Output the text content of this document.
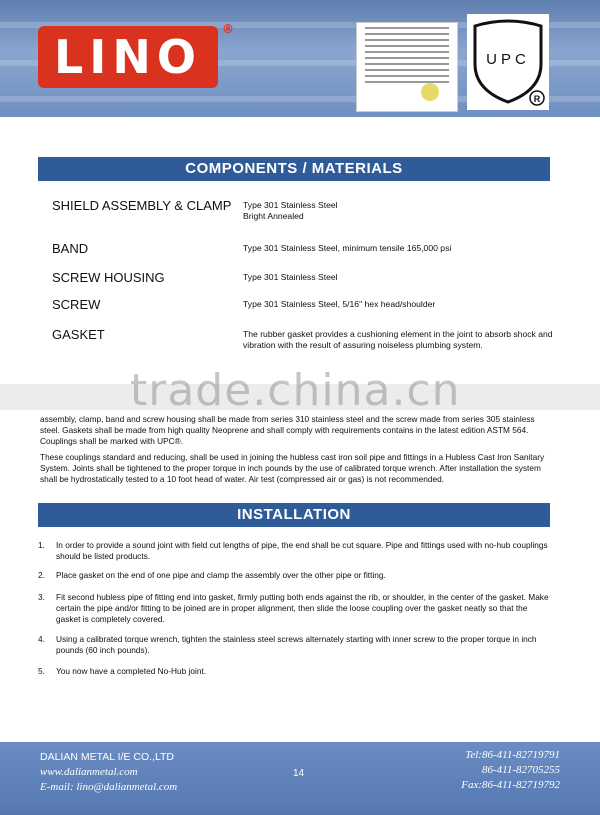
LINO
®
UPC
R
COMPONENTS / MATERIALS
SHIELD ASSEMBLY & CLAMP	Type 301 Stainless Steel
Bright Annealed
BAND	Type 301 Stainless Steel, minimum tensile 165,000 psi
SCREW HOUSING	Type 301 Stainless Steel
SCREW	Type 301 Stainless Steel, 5/16" hex head/shoulder
GASKET	The rubber gasket provides a cushioning element in the joint to absorb shock and vibration with the result of assuring noiseless plumbing system.
trade.china.cn
assembly, clamp, band and screw housing shall be made from series 310 stainless steel and the screw made from series 305 stainless steel. Gaskets shall be made from high quality Neoprene and shall comply with requirements contains in the latest edition ASTM 564. Couplings shall be marked with UPC®.
These couplings standard and reducing, shall be used in joining the hubless cast iron soil pipe and fittings in a Hubless Cast Iron Sanitary System. Joints shall be tightened to the proper torque in inch pounds by the use of calibrated torque wrench. After installation the system shall be hydrostatically tested to a 10 foot head of water. Air test (compressed air or gas) is not recommended.
INSTALLATION
1. In order to provide a sound joint with field cut lengths of pipe, the end shall be cut square. Pipe and fittings used with no-hub couplings should be listed products.
2. Place gasket on the end of one pipe and clamp the assembly over the other pipe or fitting.
3. Fit second hubless pipe of fitting end into gasket, firmly putting both ends against the rib, or shoulder, in the center of the gasket. Make certain the pipe and/or fitting to be joined are in proper alignment, then slide the loose coupling over the gasket neatly so that the gasket is completely covered.
4. Using a calibrated torque wrench, tighten the stainless steel screws alternately starting with inner screw to the proper torque in inch pounds (60 inch pounds).
5. You now have a completed No-Hub joint.
DALIAN METAL I/E CO.,LTD
www.dalianmetal.com
E-mail: lino@dalianmetal.com
14
Tel:86-411-82719791
86-411-82705255
Fax:86-411-82719792
